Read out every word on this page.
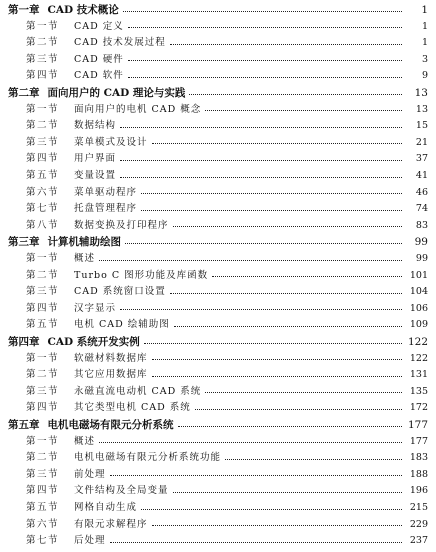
第一章 CAD 技术概论	1
第一节	CAD 定义	1
第二节	CAD 技术发展过程	1
第三节	CAD 硬件	3
第四节	CAD 软件	9
第二章 面向用户的 CAD 理论与实践	13
第一节	面向用户的电机 CAD 概念	13
第二节	数据结构	15
第三节	菜单模式及设计	21
第四节	用户界面	37
第五节	变量设置	41
第六节	菜单驱动程序	46
第七节	托盘管理程序	74
第八节	数据变换及打印程序	83
第三章 计算机辅助绘图	99
第一节	概述	99
第二节	Turbo C 图形功能及库函数	101
第三节	CAD 系统窗口设置	104
第四节	汉字显示	106
第五节	电机 CAD 绘辅助图	109
第四章 CAD 系统开发实例	122
第一节	软磁材料数据库	122
第二节	其它应用数据库	131
第三节	永磁直流电动机 CAD 系统	135
第四节	其它类型电机 CAD 系统	172
第五章 电机电磁场有限元分析系统	177
第一节	概述	177
第二节	电机电磁场有限元分析系统功能	183
第三节	前处理	188
第四节	文件结构及全局变量	196
第五节	网格自动生成	215
第六节	有限元求解程序	229
第七节	后处理	237
